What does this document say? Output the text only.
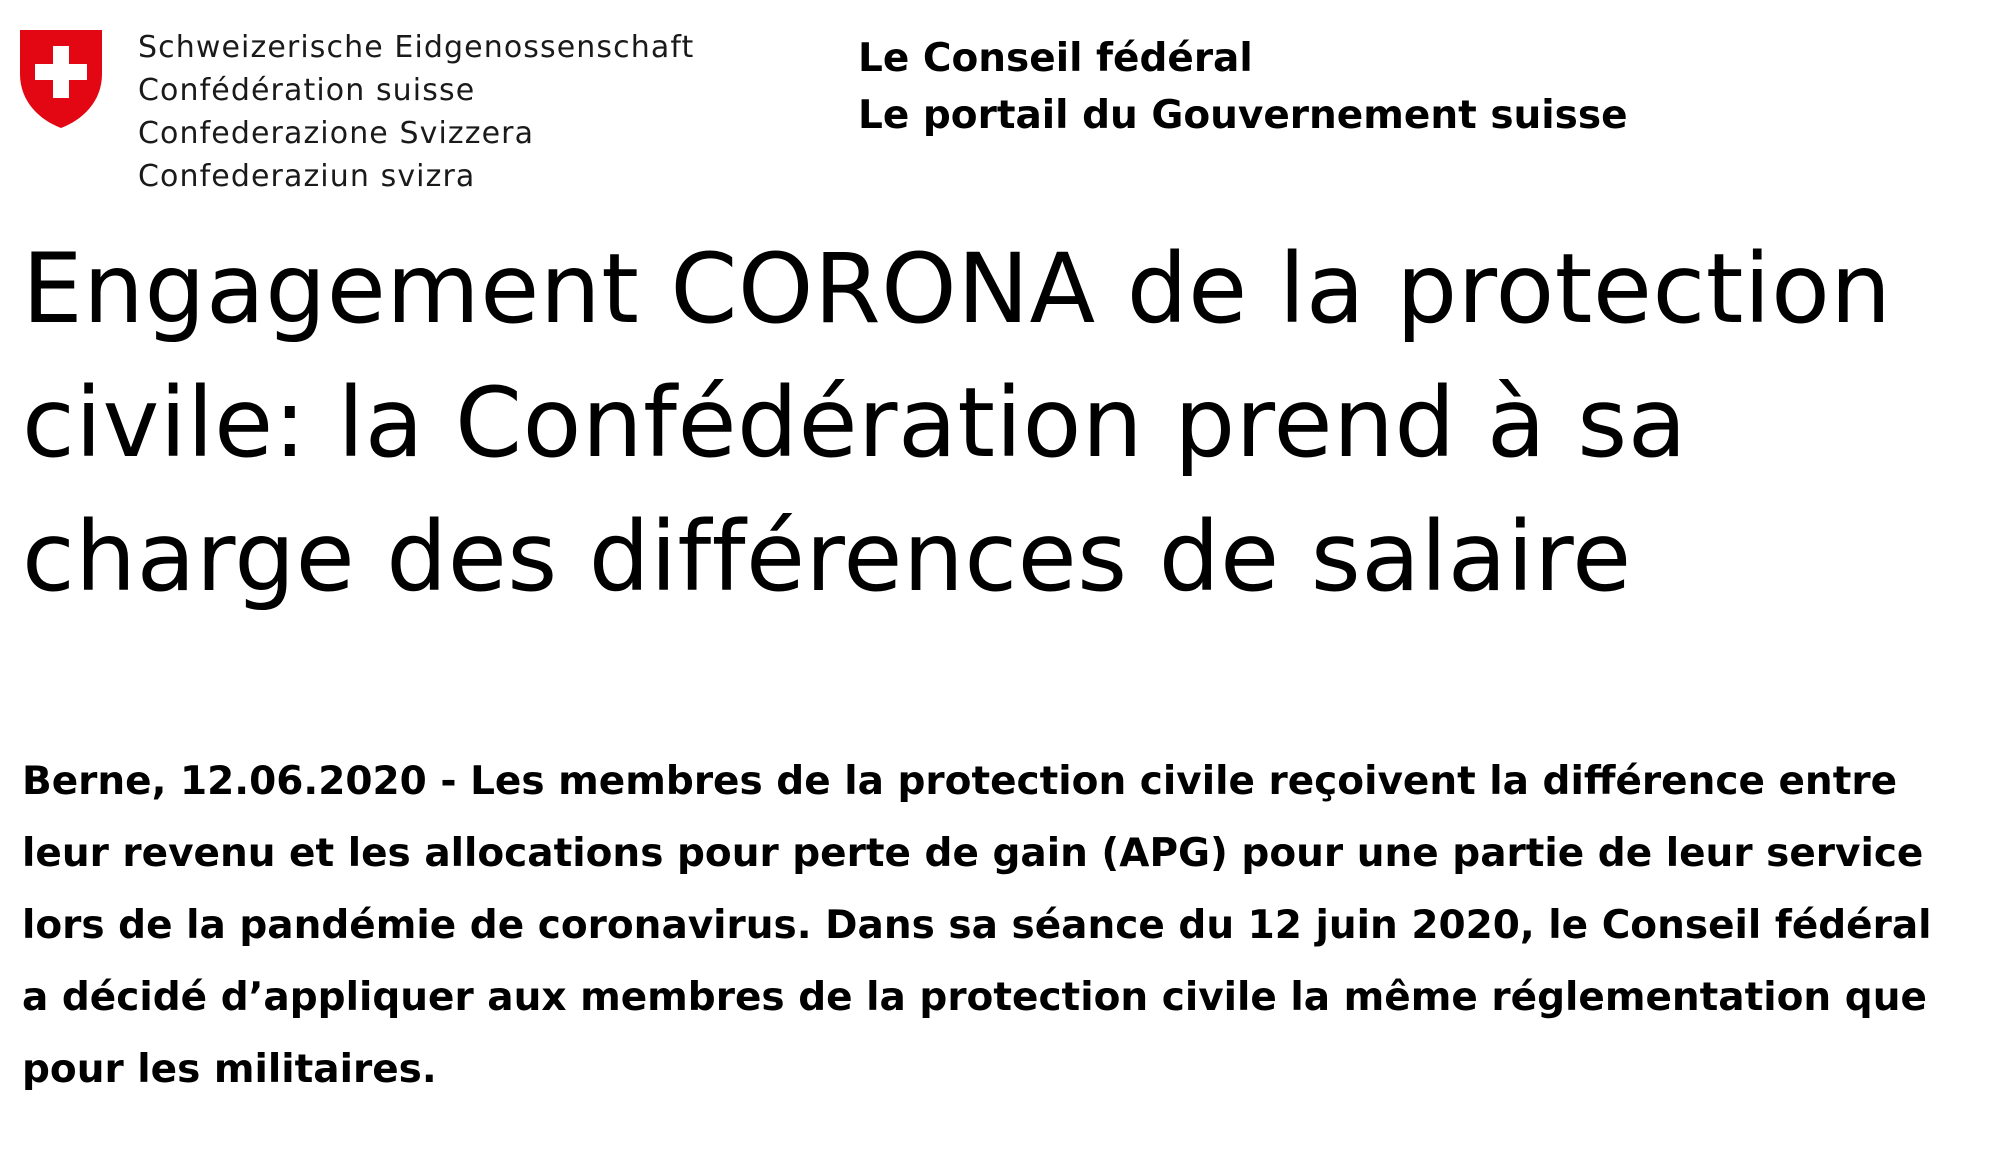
Schweizerische Eidgenossenschaft
Confédération suisse
Confederazione Svizzera
Confederaziun svizra
Le Conseil fédéral
Le portail du Gouvernement suisse
Engagement CORONA de la protection
civile: la Confédération prend à sa
charge des différences de salaire

Berne, 12.06.2020 - Les membres de la protection civile reçoivent la différence entre
leur revenu et les allocations pour perte de gain (APG) pour une partie de leur service
lors de la pandémie de coronavirus. Dans sa séance du 12 juin 2020, le Conseil fédéral
a décidé d’appliquer aux membres de la protection civile la même réglementation que
pour les militaires.
